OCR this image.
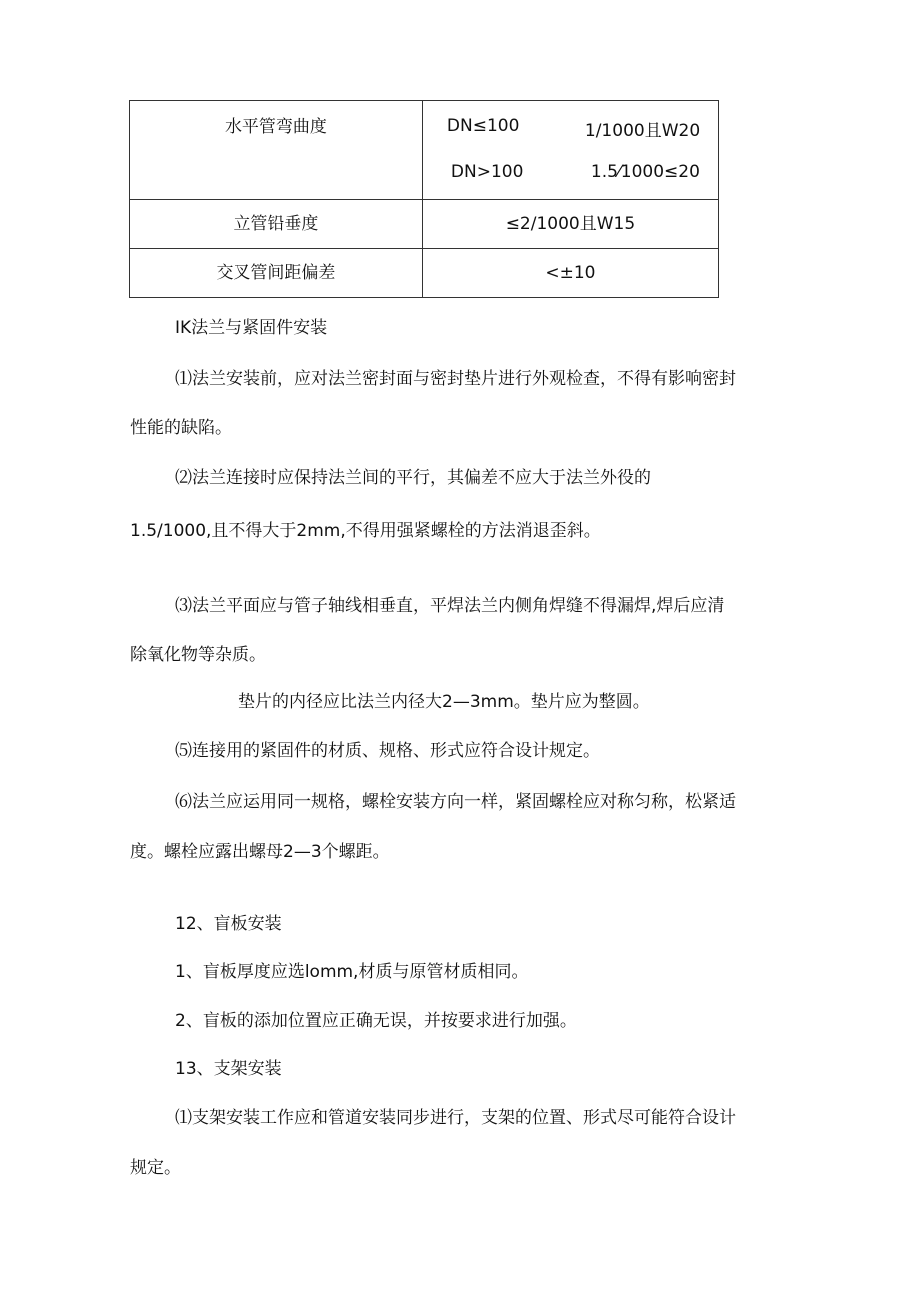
水平管弯曲度	DN≤100 1/1000且W20
DN>100 1.5⁄1000≤20

立管铅垂度	≤2/1000且W15

交叉管间距偏差	<±10

IK法兰与紧固件安装

⑴法兰安装前，应对法兰密封面与密封垫片进行外观检查，不得有影响密封

性能的缺陷。

⑵法兰连接时应保持法兰间的平行，其偏差不应大于法兰外役的

1.5/1000,且不得大于2mm,不得用强紧螺栓的方法消退歪斜。

⑶法兰平面应与管子轴线相垂直，平焊法兰内侧角焊缝不得漏焊,焊后应清

除氧化物等杂质。

垫片的内径应比法兰内径大2—3mm。垫片应为整圆。

⑸连接用的紧固件的材质、规格、形式应符合设计规定。

⑹法兰应运用同一规格，螺栓安装方向一样，紧固螺栓应对称匀称，松紧适

度。螺栓应露出螺母2—3个螺距。

12、盲板安装

1、盲板厚度应选lomm,材质与原管材质相同。

2、盲板的添加位置应正确无误，并按要求进行加强。

13、支架安装

⑴支架安装工作应和管道安装同步进行，支架的位置、形式尽可能符合设计

规定。
